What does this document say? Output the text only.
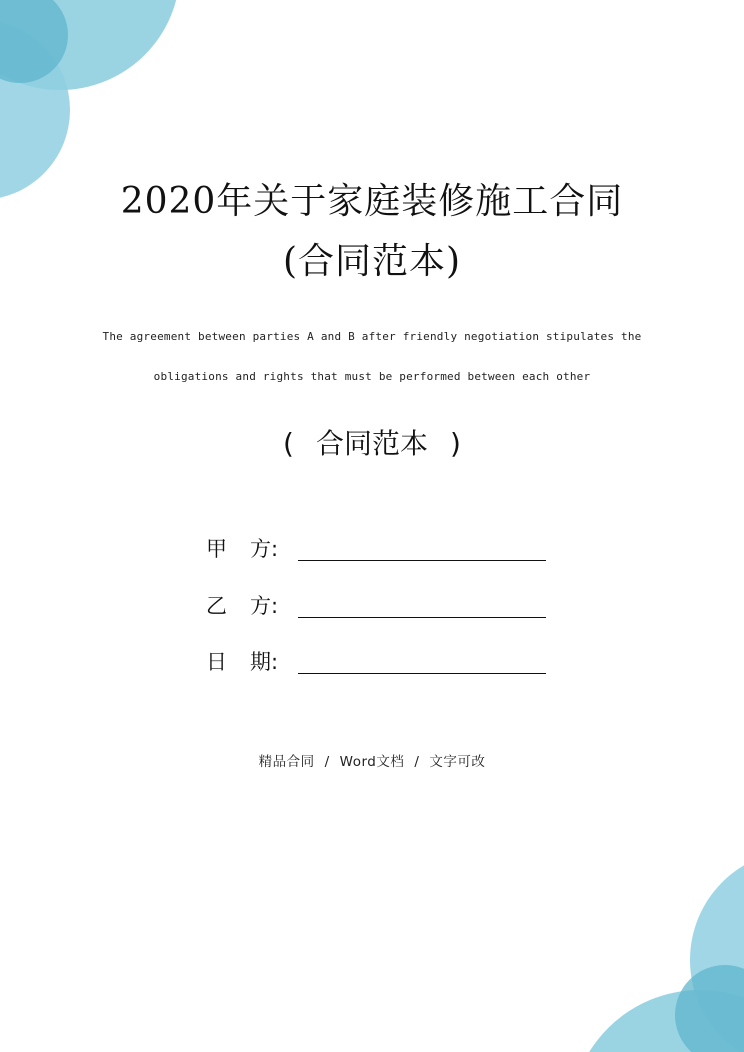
2020年关于家庭装修施工合同
(合同范本)
The agreement between parties A and B after friendly negotiation stipulates the
obligations and rights that must be performed between each other
( 合同范本 )
甲 方:
乙 方:
日 期:
精品合同 / Word文档 / 文字可改
